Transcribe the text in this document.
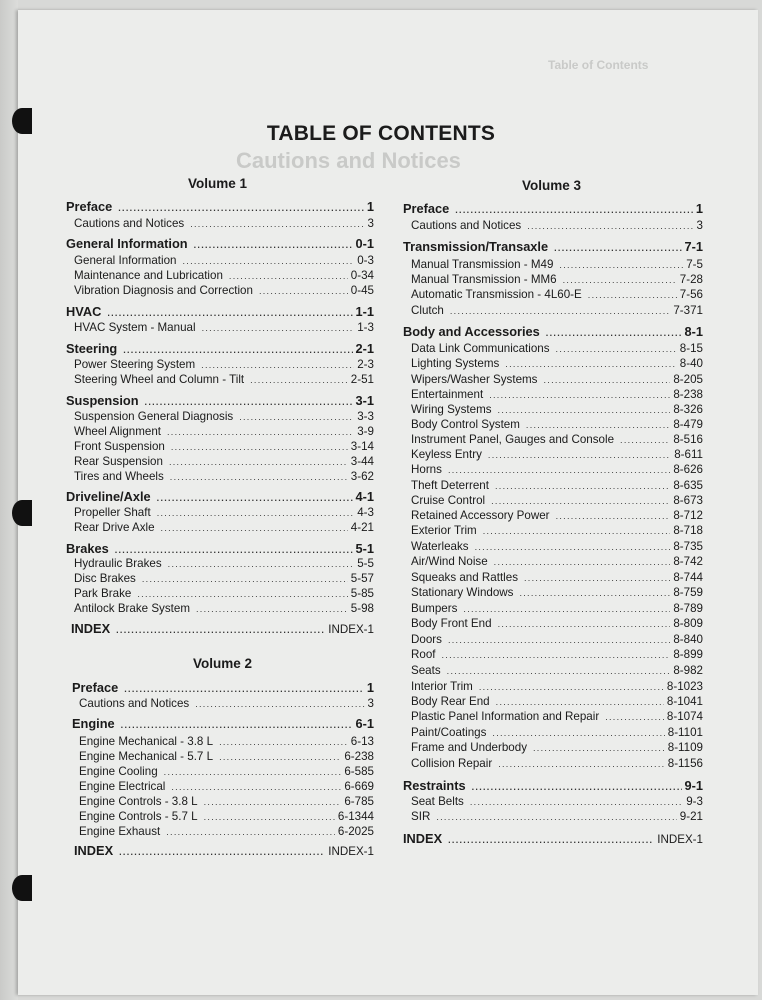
Table of Contents
Cautions and Notices
TABLE OF CONTENTS
Volume 1
Volume 2
Volume 3
Preface .....	1
Cautions and Notices .....	3
General Information .....	0-1
General Information .....	0-3
Maintenance and Lubrication .....	0-34
Vibration Diagnosis and Correction .....	0-45
HVAC .....	1-1
HVAC System - Manual .....	1-3
Steering .....	2-1
Power Steering System .....	2-3
Steering Wheel and Column - Tilt .....	2-51
Suspension .....	3-1
Suspension General Diagnosis .....	3-3
Wheel Alignment .....	3-9
Front Suspension .....	3-14
Rear Suspension .....	3-44
Tires and Wheels .....	3-62
Driveline/Axle .....	4-1
Propeller Shaft .....	4-3
Rear Drive Axle .....	4-21
Brakes .....	5-1
Hydraulic Brakes .....	5-5
Disc Brakes .....	5-57
Park Brake .....	5-85
Antilock Brake System .....	5-98
INDEX .....	INDEX-1
Preface .....	1
Cautions and Notices .....	3
Engine .....	6-1
Engine Mechanical - 3.8 L .....	6-13
Engine Mechanical - 5.7 L .....	6-238
Engine Cooling .....	6-585
Engine Electrical .....	6-669
Engine Controls - 3.8 L .....	6-785
Engine Controls - 5.7 L .....	6-1344
Engine Exhaust .....	6-2025
INDEX .....	INDEX-1
Preface .....	1
Cautions and Notices .....	3
Transmission/Transaxle .....	7-1
Manual Transmission - M49 .....	7-5
Manual Transmission - MM6 .....	7-28
Automatic Transmission - 4L60-E .....	7-56
Clutch .....	7-371
Body and Accessories .....	8-1
Data Link Communications .....	8-15
Lighting Systems .....	8-40
Wipers/Washer Systems .....	8-205
Entertainment .....	8-238
Wiring Systems .....	8-326
Body Control System .....	8-479
Instrument Panel, Gauges and Console .....	8-516
Keyless Entry .....	8-611
Horns .....	8-626
Theft Deterrent .....	8-635
Cruise Control .....	8-673
Retained Accessory Power .....	8-712
Exterior Trim .....	8-718
Waterleaks .....	8-735
Air/Wind Noise .....	8-742
Squeaks and Rattles .....	8-744
Stationary Windows .....	8-759
Bumpers .....	8-789
Body Front End .....	8-809
Doors .....	8-840
Roof .....	8-899
Seats .....	8-982
Interior Trim .....	8-1023
Body Rear End .....	8-1041
Plastic Panel Information and Repair .....	8-1074
Paint/Coatings .....	8-1101
Frame and Underbody .....	8-1109
Collision Repair .....	8-1156
Restraints .....	9-1
Seat Belts .....	9-3
SIR .....	9-21
INDEX .....	INDEX-1
